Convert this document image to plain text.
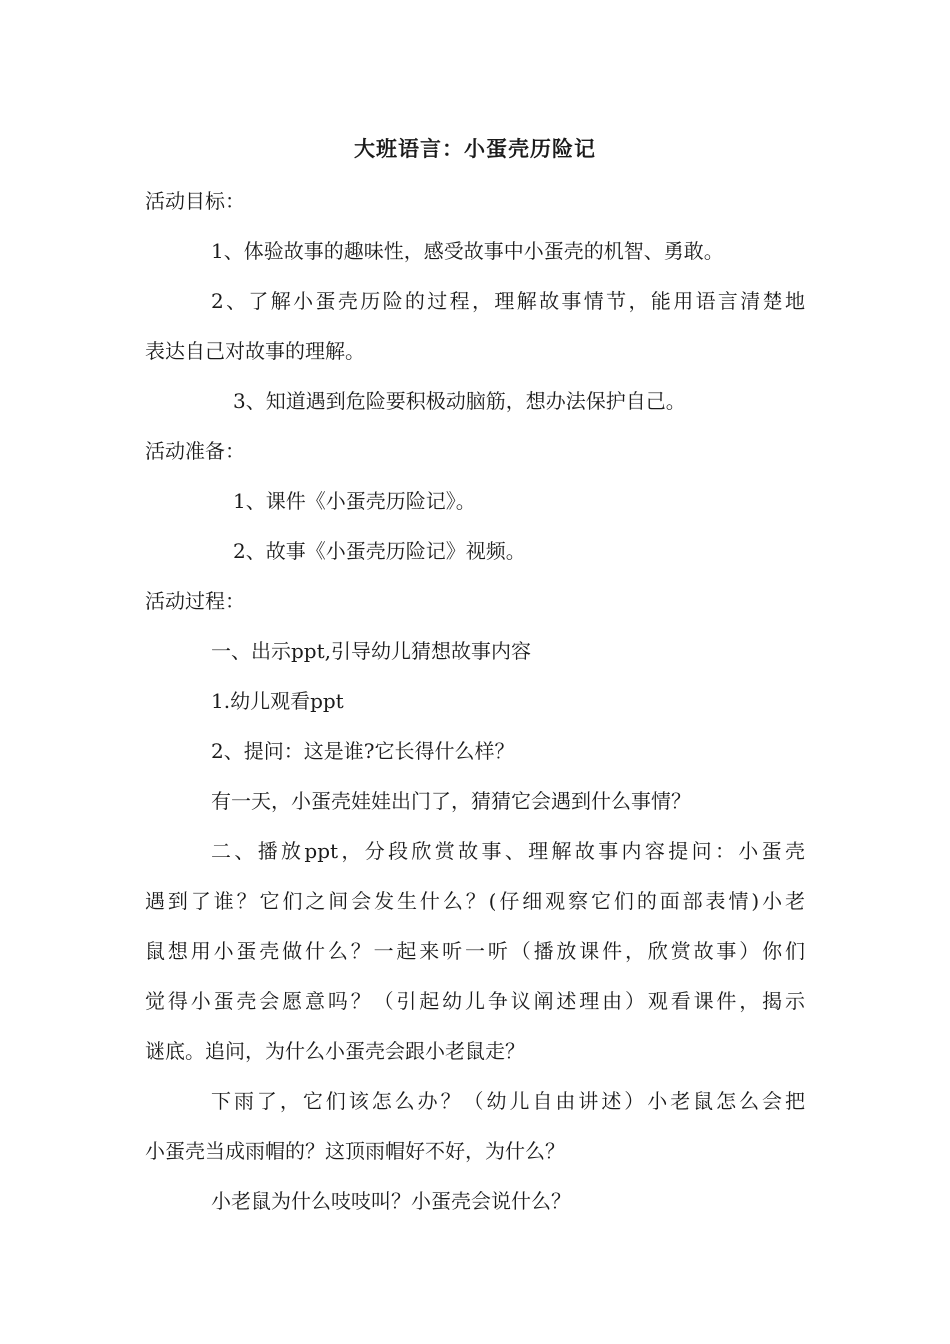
大班语言：小蛋壳历险记
活动目标：
1、体验故事的趣味性，感受故事中小蛋壳的机智、勇敢。
2、了解小蛋壳历险的过程，理解故事情节，能用语言清楚地
表达自己对故事的理解。
3、知道遇到危险要积极动脑筋，想办法保护自己。
活动准备：
1、课件《小蛋壳历险记》。
2、故事《小蛋壳历险记》视频。
活动过程：
一、出示ppt,引导幼儿猜想故事内容
1.幼儿观看ppt
2、提问：这是谁?它长得什么样？
有一天，小蛋壳娃娃出门了，猜猜它会遇到什么事情？
二、播放ppt，分段欣赏故事、理解故事内容提问：小蛋壳
遇到了谁？它们之间会发生什么？(仔细观察它们的面部表情)小老
鼠想用小蛋壳做什么？一起来听一听（播放课件，欣赏故事）你们
觉得小蛋壳会愿意吗？（引起幼儿争议阐述理由）观看课件，揭示
谜底。追问，为什么小蛋壳会跟小老鼠走？
下雨了，它们该怎么办？（幼儿自由讲述）小老鼠怎么会把
小蛋壳当成雨帽的？这顶雨帽好不好，为什么？
小老鼠为什么吱吱叫？小蛋壳会说什么？
